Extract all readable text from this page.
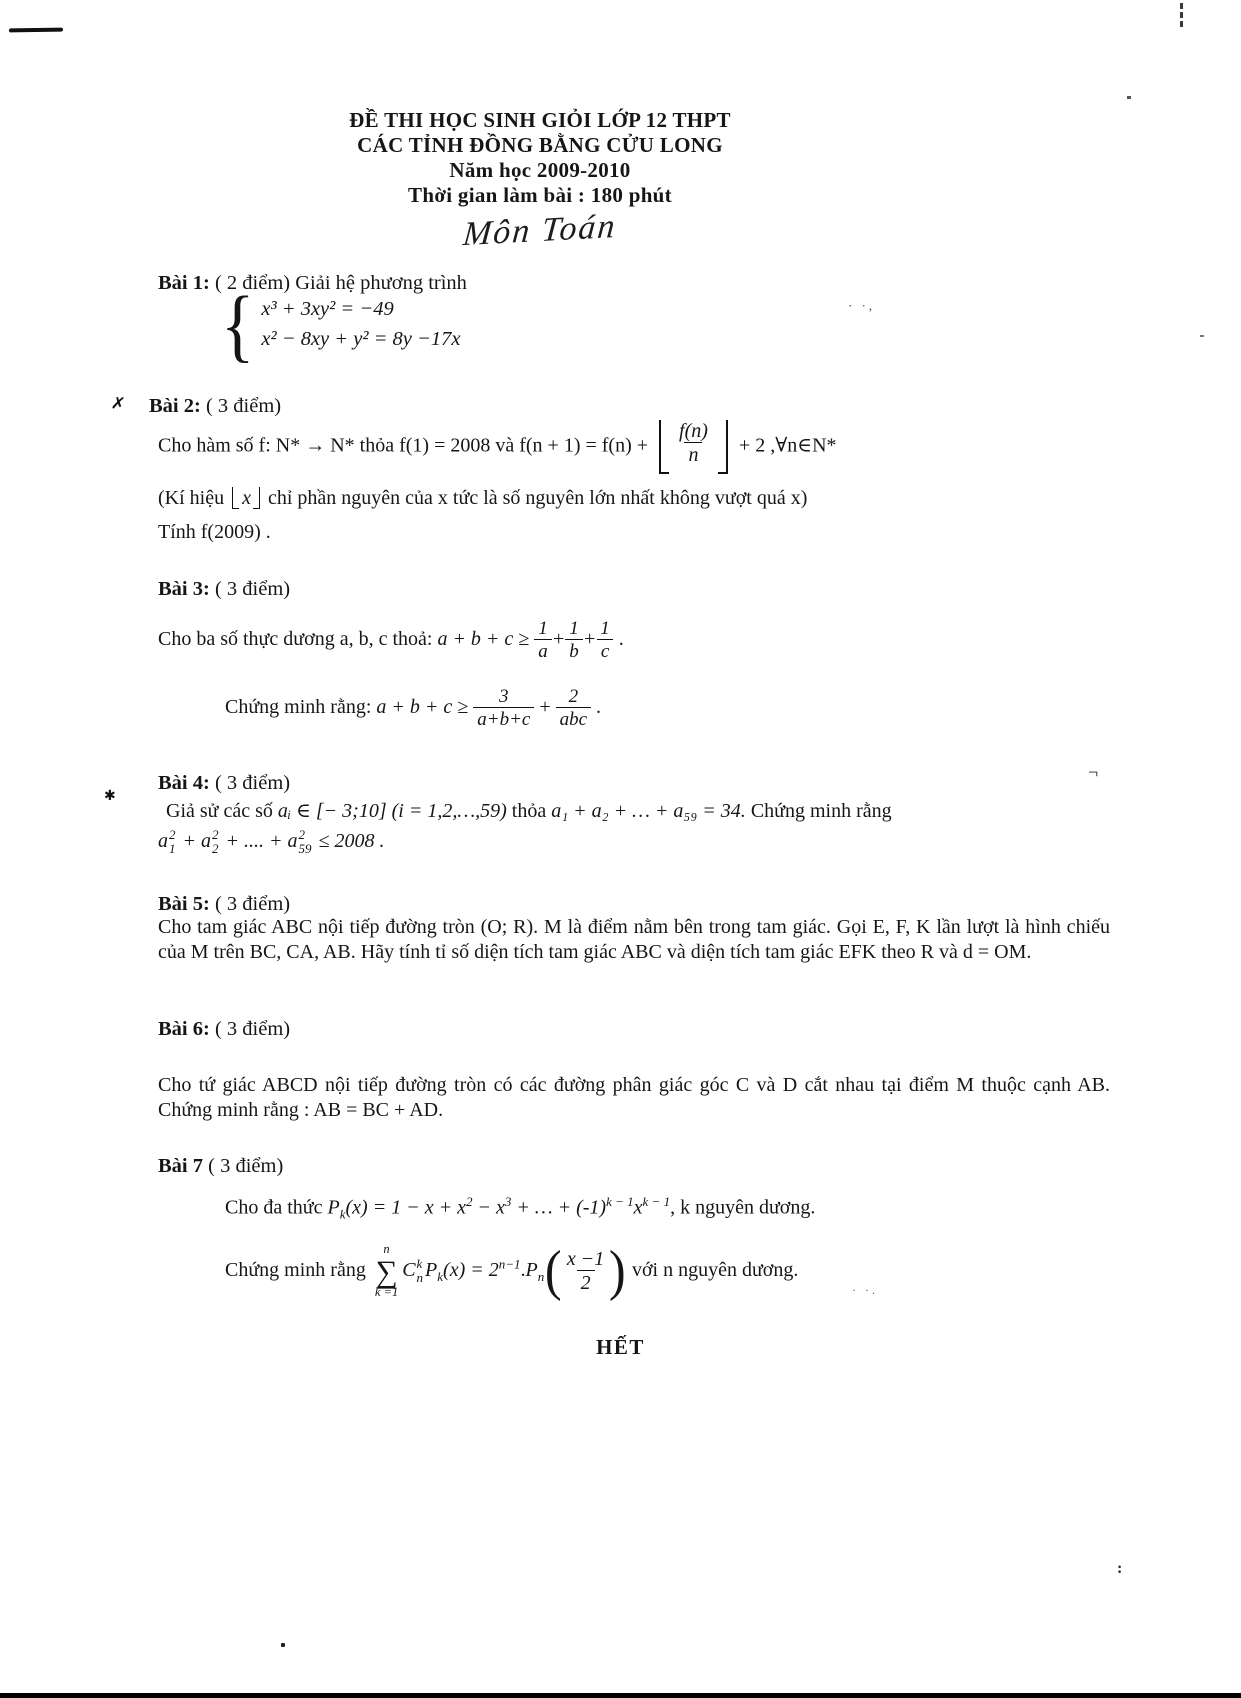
· ·,
¬
✗
✱
· ·.
:
ĐỀ THI HỌC SINH GIỎI LỚP 12 THPT
CÁC TỈNH ĐỒNG BẰNG CỬU LONG
Năm học 2009-2010
Thời gian làm bài : 180 phút
Môn Toán
Bài 1: ( 2 điểm) Giải hệ phương trình
{ x³ + 3xy² = −49
x² − 8xy + y² = 8y −17x
Bài 2: ( 3 điểm)
Cho hàm số f: N* → N* thỏa f(1) = 2008 và $f(n + 1) = f(n) + \frac{f(n)}{n} + 2$ ,∀n∈N*
(Kí hiệu x chỉ phần nguyên của x tức là số nguyên lớn nhất không vượt quá x)
Tính f(2009) .
Bài 3: ( 3 điểm)
Cho ba số thực dương a, b, c thoả: $a + b + c \ge \frac{1}{a} + \frac{1}{b} + \frac{1}{c}$ .
Chứng minh rằng: $a + b + c \ge \frac{3}{a+b+c} + \frac{2}{\text{abc}}$ .
Bài 4: ( 3 điểm)
Giả sử các số aᵢ ∈ [− 3;10] (i = 1,2,…,59) thỏa a₁ + a₂ + … + a₅₉ = 34. Chứng minh rằng
a 2
1 + a 2
2 + .... + a 2
59 ≤ 2008 .
Bài 5: ( 3 điểm)
Cho tam giác ABC nội tiếp đường tròn (O; R). M là điểm nằm bên trong tam giác. Gọi E, F, K lần lượt là hình chiếu của M trên BC, CA, AB. Hãy tính tỉ số diện tích tam giác ABC và diện tích tam giác EFK theo R và d = OM.
Bài 6: ( 3 điểm)
Cho tứ giác ABCD nội tiếp đường tròn có các đường phân giác góc C và D cắt nhau tại điểm M thuộc cạnh AB. Chứng minh rằng : AB = BC + AD.
Bài 7 ( 3 điểm)
Cho đa thức $P_k(x) = 1 - x + x^2 - x^3$ + … + $(-1)^{k - 1}x^{k - 1}$, k nguyên dương.
Chứng minh rằng
n
∑
k =1
C k
n $P_k(x) = 2^{n-1}.P_n( \frac{x -1}{2}$ ) với n nguyên dương.
HẾT
